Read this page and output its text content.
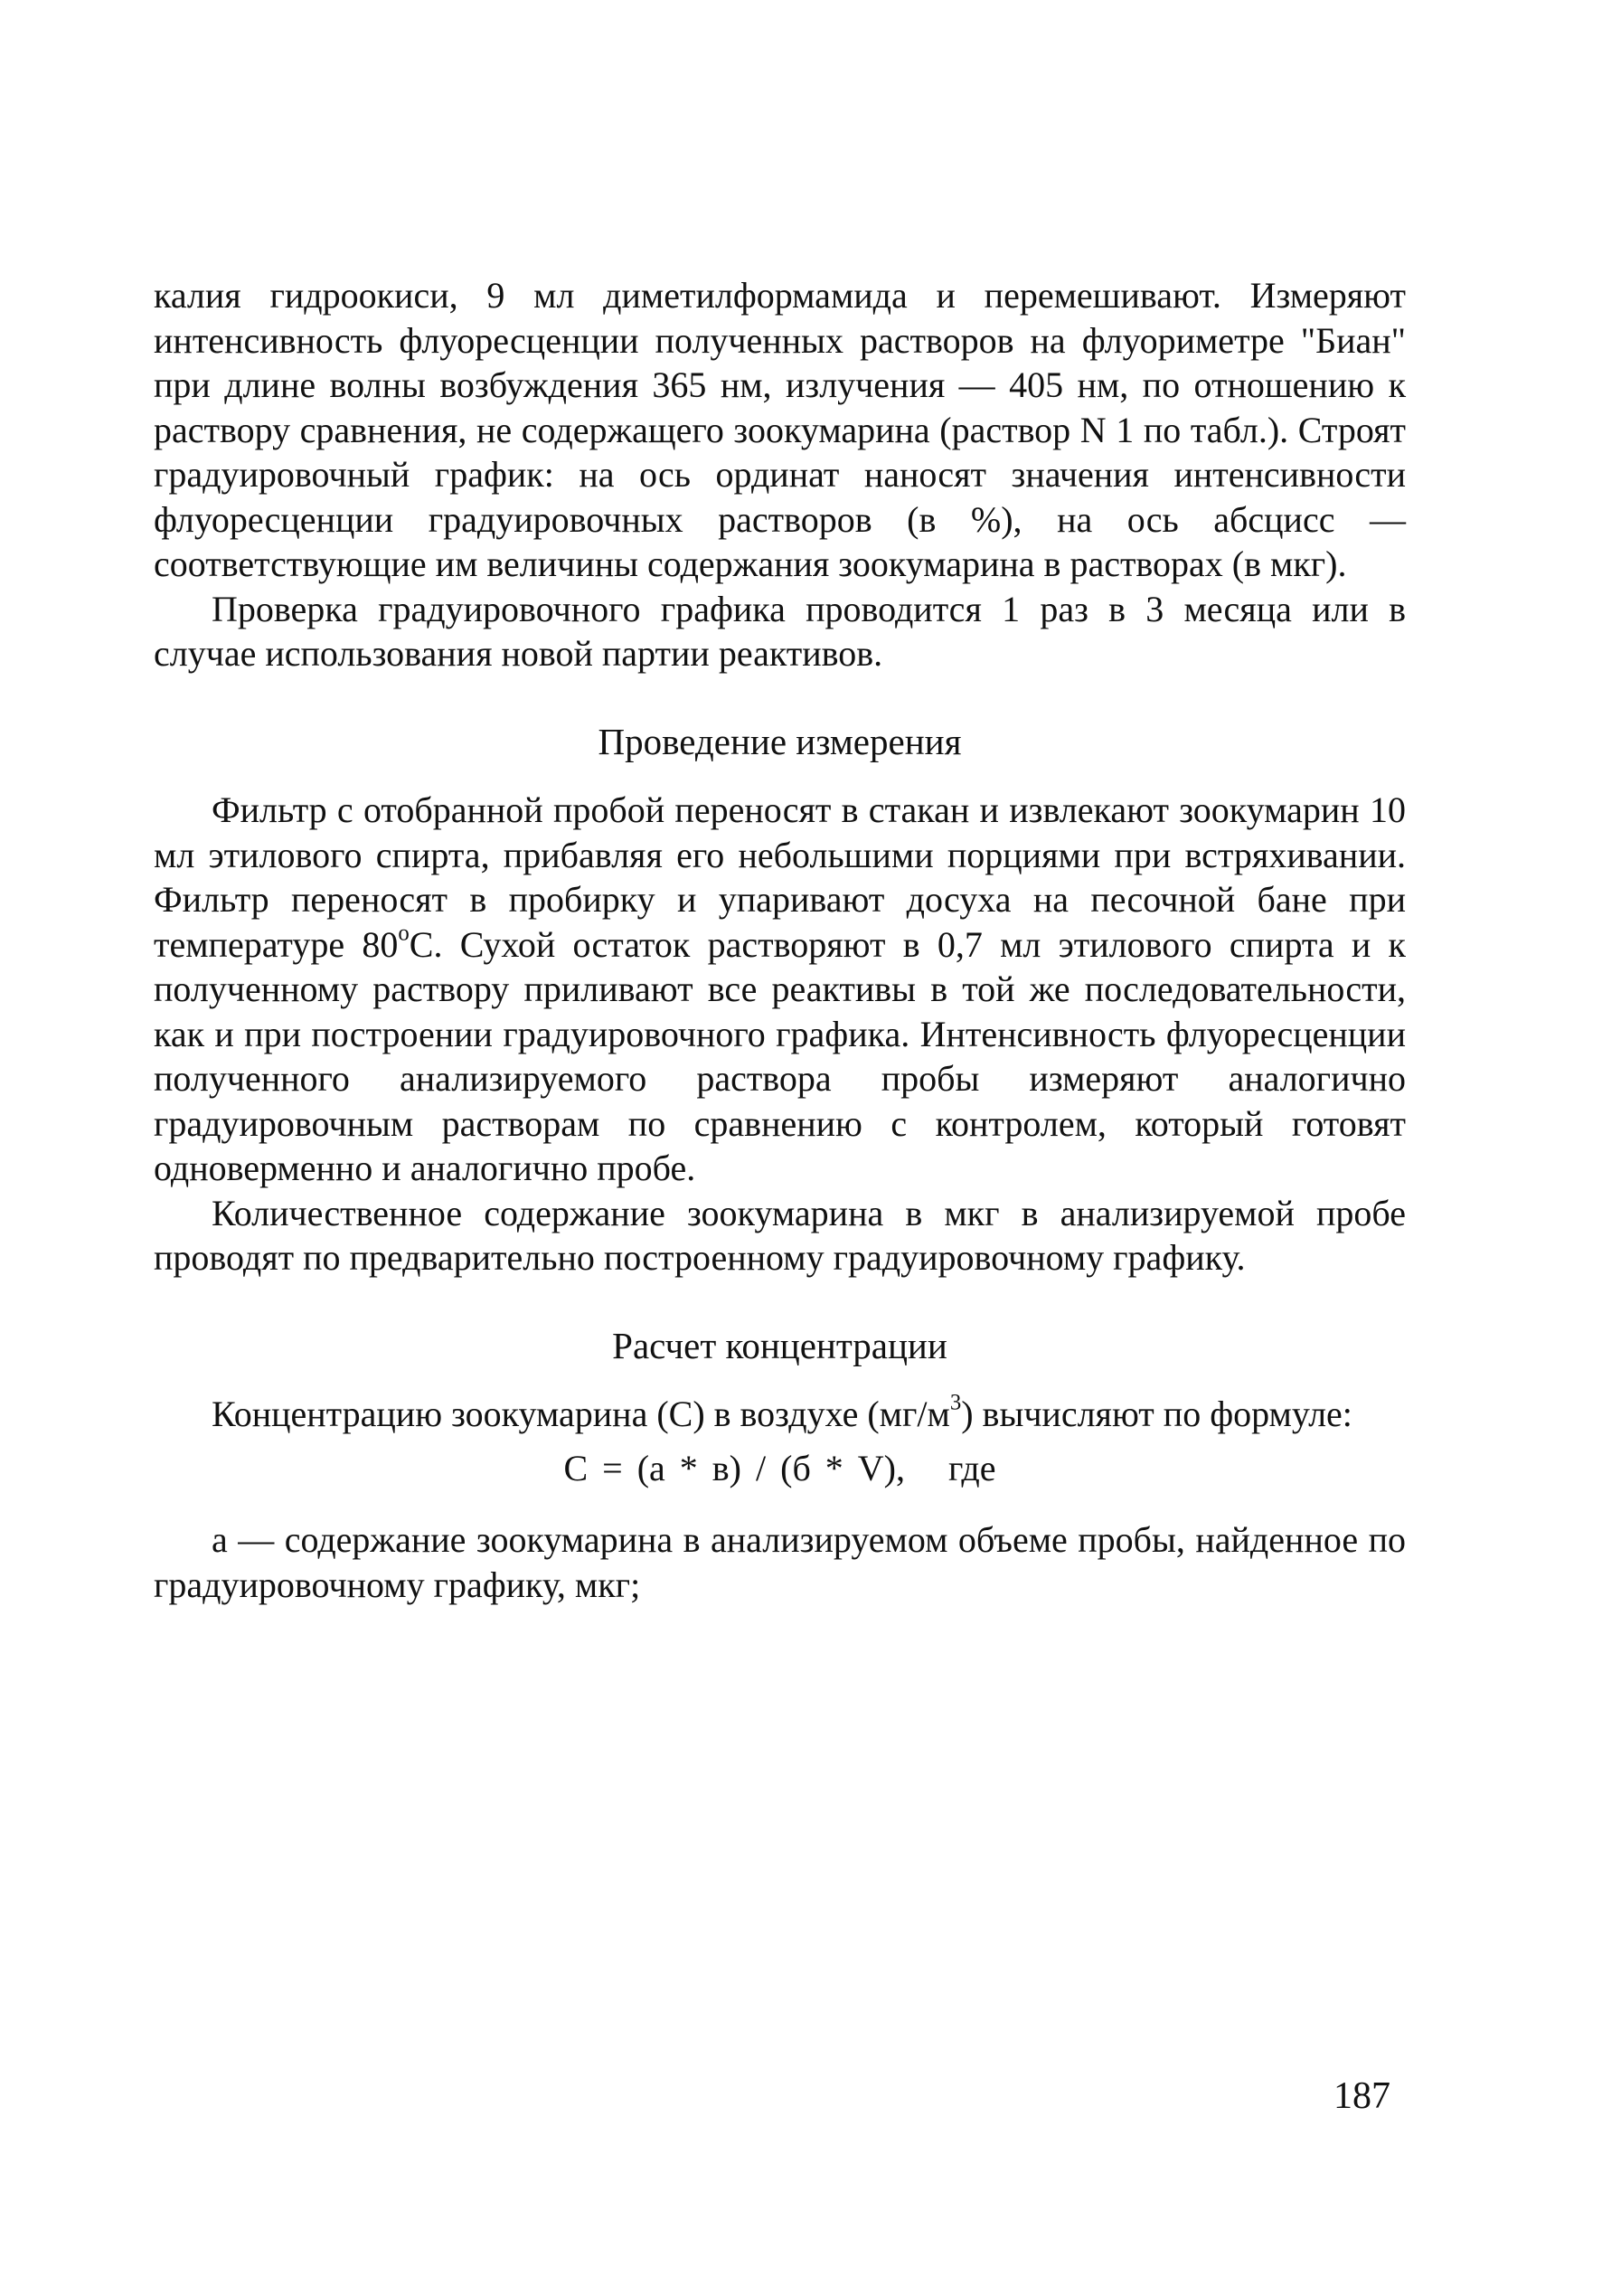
калия гидроокиси, 9 мл диметилформамида и перемешивают. Измеряют интенсивность флуоресценции полученных растворов на флуориметре "Биан" при длине волны возбуждения 365 нм, излучения — 405 нм, по отношению к раствору сравнения, не содержащего зоокумарина (раствор N 1 по табл.). Строят градуировочный график: на ось ординат наносят значения интенсивности флуоресценции градуировочных растворов (в %), на ось абсцисс — соответствующие им величины содержания зоокумарина в растворах (в мкг).

Проверка градуировочного графика проводится 1 раз в 3 месяца или в случае использования новой партии реактивов.

Проведение измерения

Фильтр с отобранной пробой переносят в стакан и извлекают зоокумарин 10 мл этилового спирта, прибавляя его небольшими порциями при встряхивании. Фильтр переносят в пробирку и упаривают досуха на песочной бане при температуре $80^оС$. Сухой остаток растворяют в 0,7 мл этилового спирта и к полученному раствору приливают все реактивы в той же последовательности, как и при построении градуировочного графика. Интенсивность флуоресценции полученного анализируемого раствора пробы измеряют аналогично градуировочным растворам по сравнению с контролем, который готовят одноверменно и аналогично пробе.

Количественное содержание зоокумарина в мкг в анализируемой пробе проводят по предварительно построенному градуировочному графику.

Расчет концентрации

Концентрацию зоокумарина (С) в воздухе $(мг/м^3)$ вычисляют по формуле:

С = (а * в) / (б * V),   где

а — содержание зоокумарина в анализируемом объеме пробы, найденное по градуировочному графику, мкг;

187
